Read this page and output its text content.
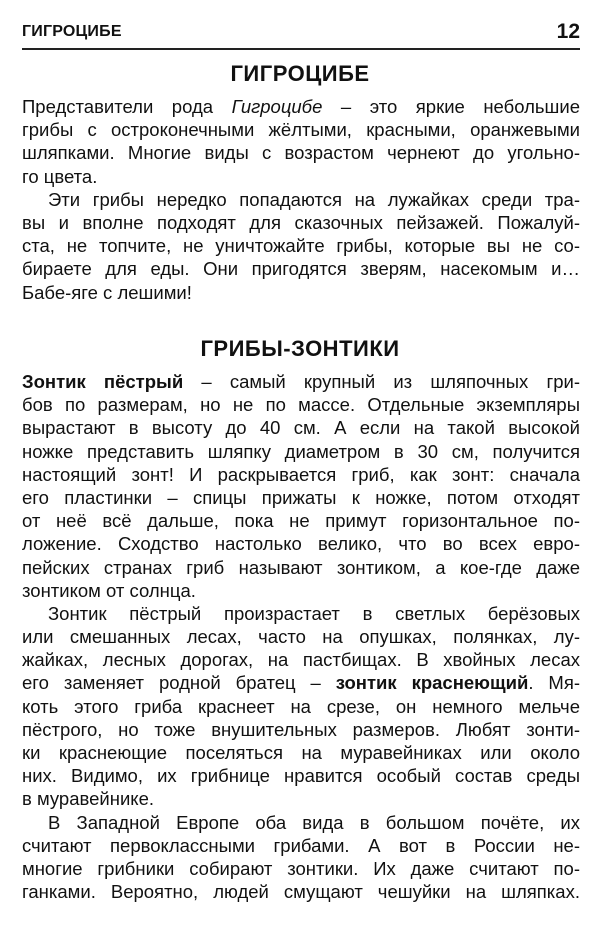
ГИГРОЦИБЕ	12
ГИГРОЦИБЕ
Представители рода Гигроцибе – это яркие небольшие
грибы с остроконечными жёлтыми, красными, оранжевыми
шляпками. Многие виды с возрастом чернеют до угольно-
го цвета.
Эти грибы нередко попадаются на лужайках среди тра-
вы и вполне подходят для сказочных пейзажей. Пожалуй-
ста, не топчите, не уничтожайте грибы, которые вы не со-
бираете для еды. Они пригодятся зверям, насекомым и…
Бабе-яге с лешими!
ГРИБЫ-ЗОНТИКИ
Зонтик пёстрый – самый крупный из шляпочных гри-
бов по размерам, но не по массе. Отдельные экземпляры
вырастают в высоту до 40 см. А если на такой высокой
ножке представить шляпку диаметром в 30 см, получится
настоящий зонт! И раскрывается гриб, как зонт: сначала
его пластинки – спицы прижаты к ножке, потом отходят
от неё всё дальше, пока не примут горизонтальное по-
ложение. Сходство настолько велико, что во всех евро-
пейских странах гриб называют зонтиком, а кое-где даже
зонтиком от солнца.
Зонтик пёстрый произрастает в светлых берёзовых
или смешанных лесах, часто на опушках, полянках, лу-
жайках, лесных дорогах, на пастбищах. В хвойных лесах
его заменяет родной братец – зонтик краснеющий. Мя-
коть этого гриба краснеет на срезе, он немного мельче
пёстрого, но тоже внушительных размеров. Любят зонти-
ки краснеющие поселяться на муравейниках или около
них. Видимо, их грибнице нравится особый состав среды
в муравейнике.
В Западной Европе оба вида в большом почёте, их
считают первоклассными грибами. А вот в России не-
многие грибники собирают зонтики. Их даже считают по-
ганками. Вероятно, людей смущают чешуйки на шляпках.
